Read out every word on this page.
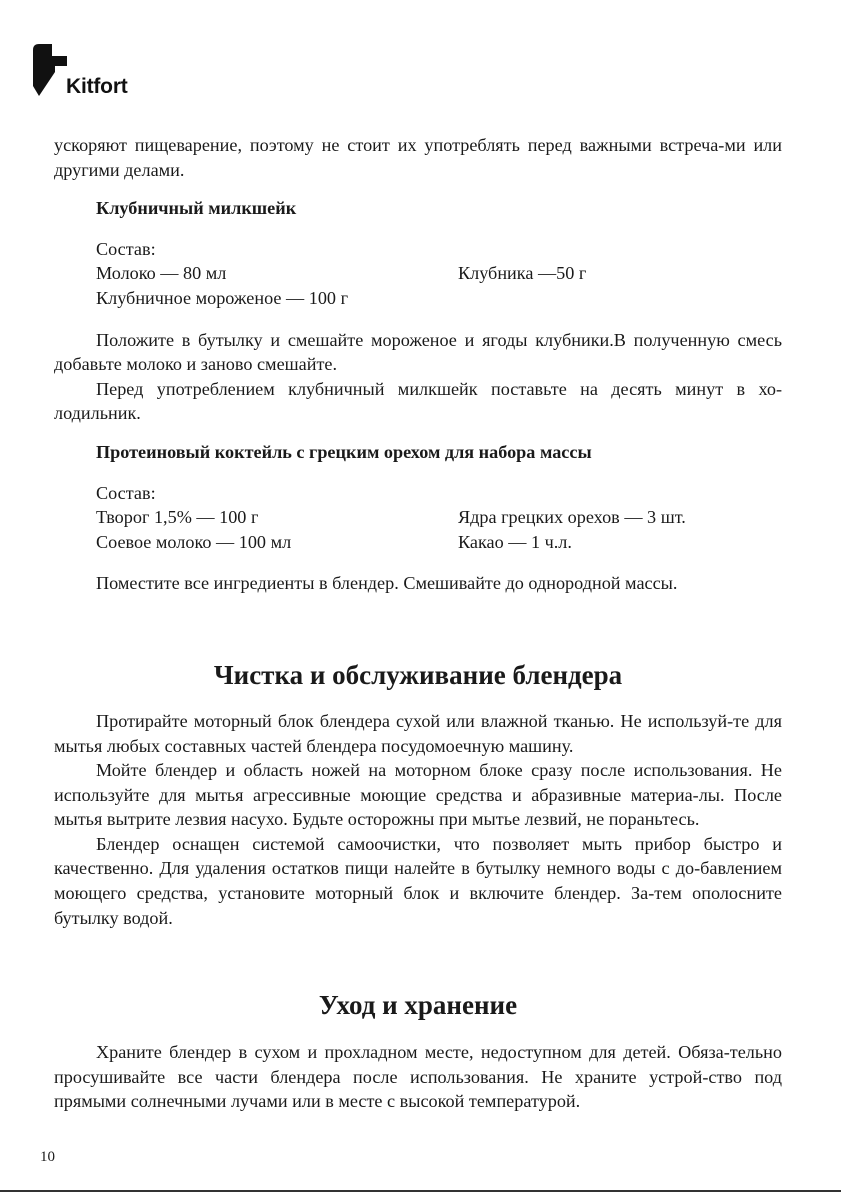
Kitfort

ускоряют пищеварение, поэтому не стоит их употреблять перед важными встреча-ми или другими делами.

Клубничный милкшейк

Состав:
Молоко — 80 мл	Клубника —50 г
Клубничное мороженое — 100 г

Положите в бутылку и смешайте мороженое и ягоды клубники.В полученную смесь добавьте молоко и заново смешайте.

Перед употреблением клубничный милкшейк поставьте на десять минут в хо-лодильник.

Протеиновый коктейль с грецким орехом для набора массы

Состав:
Творог 1,5% — 100 г	Ядра грецких орехов — 3 шт.
Соевое молоко — 100 мл	Какао — 1 ч.л.

Поместите все ингредиенты в блендер. Смешивайте до однородной массы.

Чистка и обслуживание блендера

Протирайте моторный блок блендера сухой или влажной тканью. Не используй-те для мытья любых составных частей блендера посудомоечную машину.

Мойте блендер и область ножей на моторном блоке сразу после использования. Не используйте для мытья агрессивные моющие средства и абразивные материа-лы. После мытья вытрите лезвия насухо. Будьте осторожны при мытье лезвий, не пораньтесь.

Блендер оснащен системой самоочистки, что позволяет мыть прибор быстро и качественно. Для удаления остатков пищи налейте в бутылку немного воды с до-бавлением моющего средства, установите моторный блок и включите блендер. За-тем ополосните бутылку водой.

Уход и хранение

Храните блендер в сухом и прохладном месте, недоступном для детей. Обяза-тельно просушивайте все части блендера после использования. Не храните устрой-ство под прямыми солнечными лучами или в месте с высокой температурой.

10
